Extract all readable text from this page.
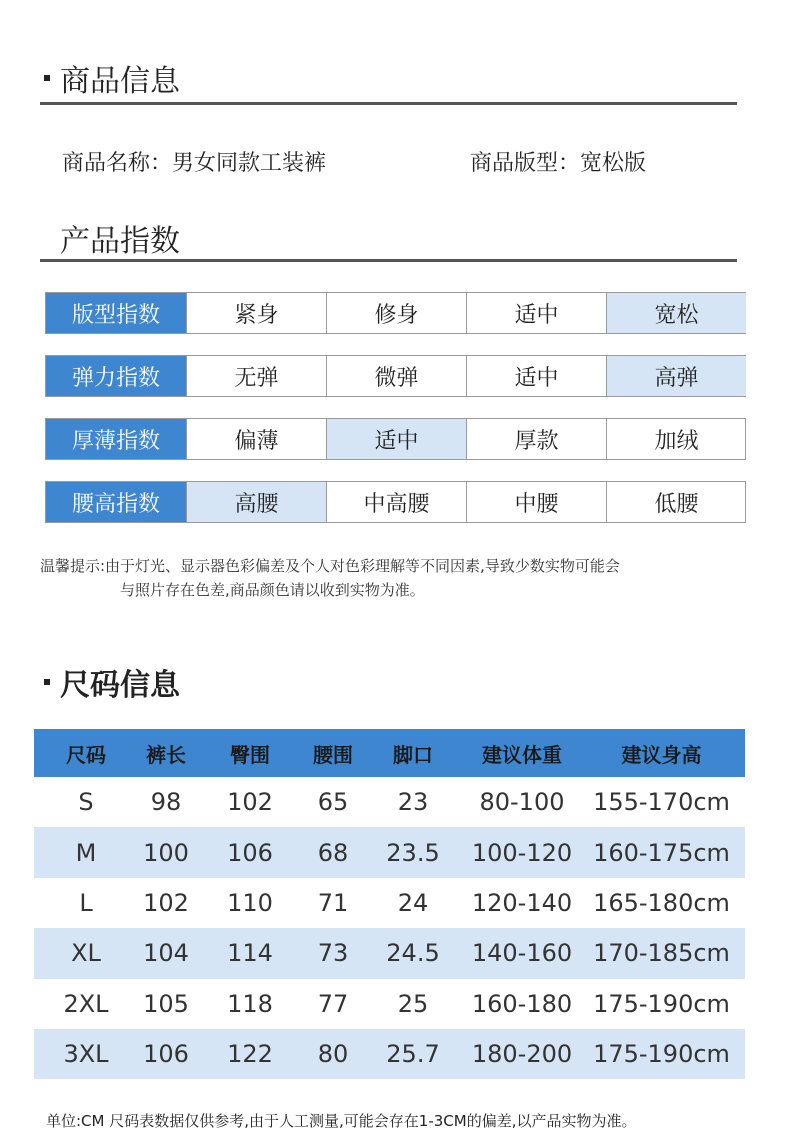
商品信息
商品名称：男女同款工装裤	商品版型：宽松版
产品指数
版型指数	紧身	修身	适中	宽松
弹力指数	无弹	微弹	适中	高弹
厚薄指数	偏薄	适中	厚款	加绒
腰高指数	高腰	中高腰	中腰	低腰
温馨提示:由于灯光、显示器色彩偏差及个人对色彩理解等不同因素,导致少数实物可能会
与照片存在色差,商品颜色请以收到实物为准。
尺码信息
尺码	裤长	臀围	腰围	脚口	建议体重	建议身高
S	98	102	65	23	80-100	155-170cm
M	100	106	68	23.5	100-120 160-175cm
L	102	110	71	24	120-140 165-180cm
XL	104	114	73	24.5	140-160 170-185cm
2XL	105	118	77	25	160-180 175-190cm
3XL	106	122	80	25.7	180-200 175-190cm
单位:CM 尺码表数据仅供参考,由于人工测量,可能会存在1-3CM的偏差,以产品实物为准。
